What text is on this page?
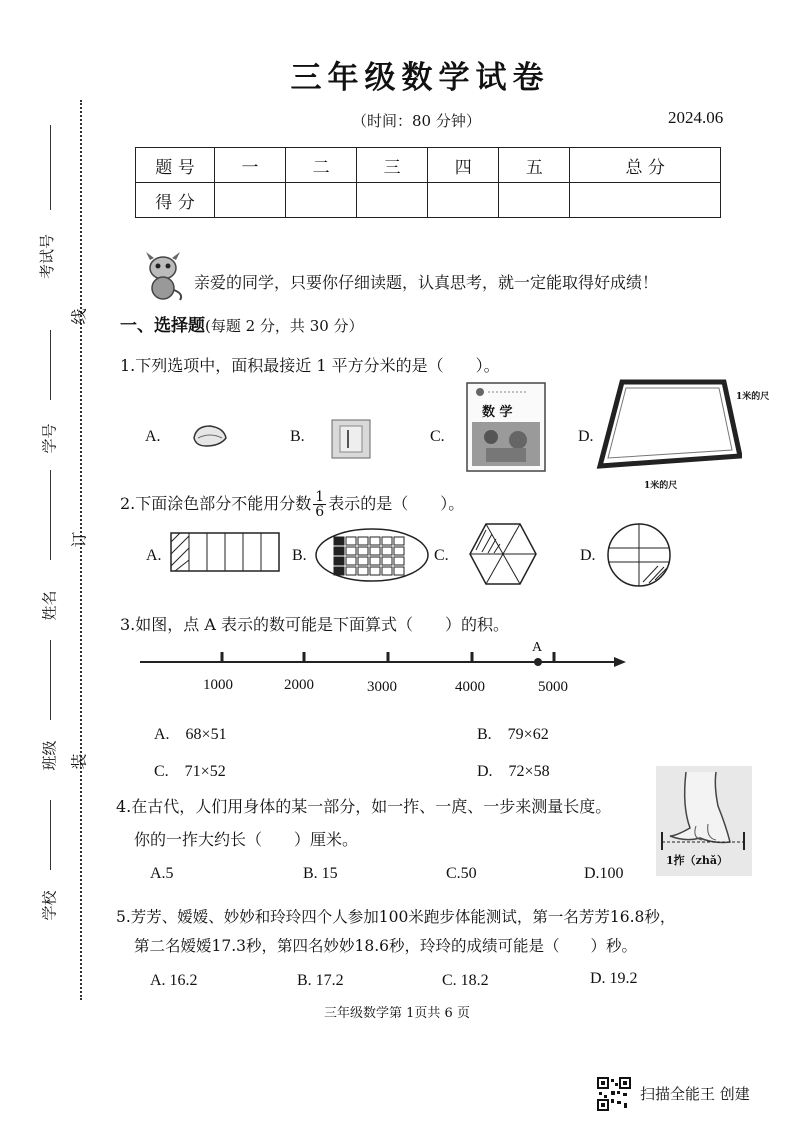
考试号
学号
姓名
班级
学校
线
订
装
三年级数学试卷
（时间：80 分钟）	2024.06
题 号	一	二	三	四	五	总 分
得 分						
亲爱的同学，只要你仔细读题，认真思考，就一定能取得好成绩！
一、选择题(每题 2 分，共 30 分）
1.下列选项中，面积最接近 1 平方分米的是（　　）。
A.	B.	C.
数 学
D.
1米的尺
1米的尺
2.下面涂色部分不能用分数 $\frac{1}{6}$ 表示的是（　　）。
A.	B.	C.	D.
3.如图，点 A 表示的数可能是下面算式（　　）的积。
A
1000	2000	3000	4000	5000
A.　68×51	B.　79×62
C.　71×52	D.　72×58
4.在古代，人们用身体的某一部分，如一拃、一庹、一步来测量长度。
你的一拃大约长（　　）厘米。
1拃（zhǎ）
A.5	B. 15	C.50	D.100
5.芳芳、嫒嫒、妙妙和玲玲四个人参加100米跑步体能测试，第一名芳芳16.8秒，
第二名嫒嫒17.3秒，第四名妙妙18.6秒，玲玲的成绩可能是（　　）秒。
A. 16.2	B. 17.2	C. 18.2	D. 19.2
三年级数学第 1页共 6 页
扫描全能王 创建
